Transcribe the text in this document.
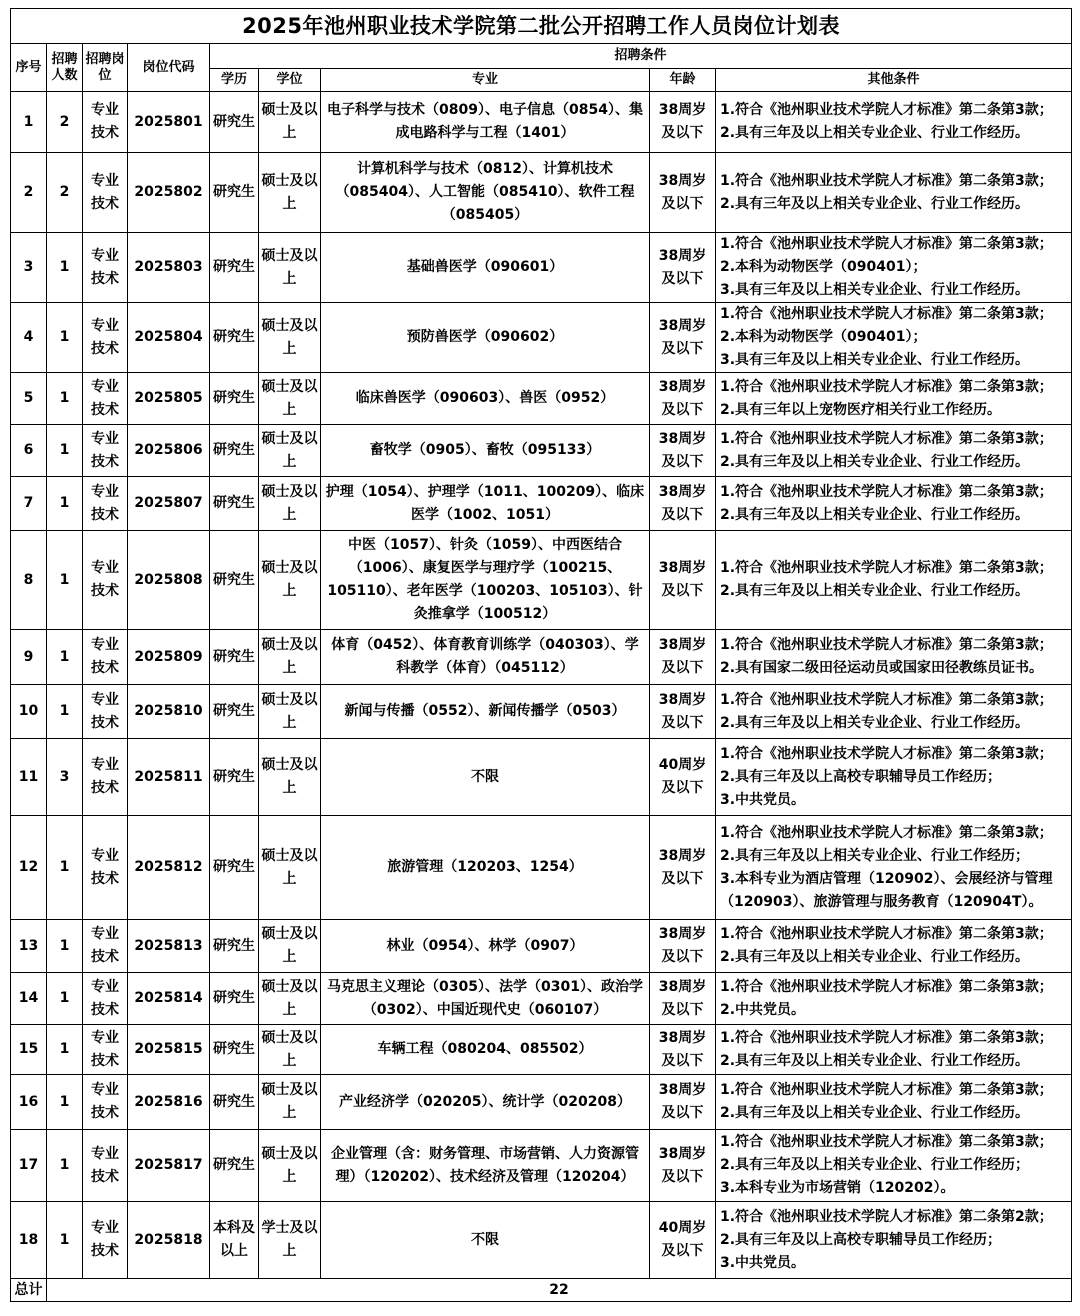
2025年池州职业技术学院第二批公开招聘工作人员岗位计划表								
序号	招聘人数	招聘岗位	岗位代码	招聘条件				
				学历	学位	专业	年龄	其他条件
1	2	专业技术	2025801	研究生	硕士及以上	电子科学与技术（0809）、电子信息（0854）、集成电路科学与工程（1401）	38周岁及以下	1.符合《池州职业技术学院人才标准》第二条第3款；
2.具有三年及以上相关专业企业、行业工作经历。

2	2	专业技术	2025802	研究生	硕士及以上	计算机科学与技术（0812）、计算机技术（085404）、人工智能（085410）、软件工程（085405）	38周岁及以下	1.符合《池州职业技术学院人才标准》第二条第3款；
2.具有三年及以上相关专业企业、行业工作经历。

3	1	专业技术	2025803	研究生	硕士及以上	基础兽医学（090601）	38周岁及以下	1.符合《池州职业技术学院人才标准》第二条第3款；
2.本科为动物医学（090401）；
3.具有三年及以上相关专业企业、行业工作经历。

4	1	专业技术	2025804	研究生	硕士及以上	预防兽医学（090602）	38周岁及以下	1.符合《池州职业技术学院人才标准》第二条第3款；
2.本科为动物医学（090401）；
3.具有三年及以上相关专业企业、行业工作经历。

5	1	专业技术	2025805	研究生	硕士及以上	临床兽医学（090603）、兽医（0952）	38周岁及以下	1.符合《池州职业技术学院人才标准》第二条第3款；
2.具有三年以上宠物医疗相关行业工作经历。

6	1	专业技术	2025806	研究生	硕士及以上	畜牧学（0905）、畜牧（095133）	38周岁及以下	1.符合《池州职业技术学院人才标准》第二条第3款；
2.具有三年及以上相关专业企业、行业工作经历。

7	1	专业技术	2025807	研究生	硕士及以上	护理（1054）、护理学（1011、100209）、临床医学（1002、1051）	38周岁及以下	1.符合《池州职业技术学院人才标准》第二条第3款；
2.具有三年及以上相关专业企业、行业工作经历。

8	1	专业技术	2025808	研究生	硕士及以上	中医（1057）、针灸（1059）、中西医结合（1006）、康复医学与理疗学（100215、105110）、老年医学（100203、105103）、针灸推拿学（100512）	38周岁及以下	1.符合《池州职业技术学院人才标准》第二条第3款；
2.具有三年及以上相关专业企业、行业工作经历。

9	1	专业技术	2025809	研究生	硕士及以上	体育（0452）、体育教育训练学（040303）、学科教学（体育）（045112）	38周岁及以下	1.符合《池州职业技术学院人才标准》第二条第3款；
2.具有国家二级田径运动员或国家田径教练员证书。

10	1	专业技术	2025810	研究生	硕士及以上	新闻与传播（0552）、新闻传播学（0503）	38周岁及以下	1.符合《池州职业技术学院人才标准》第二条第3款；
2.具有三年及以上相关专业企业、行业工作经历。

11	3	专业技术	2025811	研究生	硕士及以上	不限	40周岁及以下	1.符合《池州职业技术学院人才标准》第二条第3款；
2.具有三年及以上高校专职辅导员工作经历；
3.中共党员。

12	1	专业技术	2025812	研究生	硕士及以上	旅游管理（120203、1254）	38周岁及以下	1.符合《池州职业技术学院人才标准》第二条第3款；
2.具有三年及以上相关专业企业、行业工作经历；
3.本科专业为酒店管理（120902）、会展经济与管理（120903）、旅游管理与服务教育（120904T）。

13	1	专业技术	2025813	研究生	硕士及以上	林业（0954）、林学（0907）	38周岁及以下	1.符合《池州职业技术学院人才标准》第二条第3款；
2.具有三年及以上相关专业企业、行业工作经历。

14	1	专业技术	2025814	研究生	硕士及以上	马克思主义理论（0305）、法学（0301）、政治学（0302）、中国近现代史（060107）	38周岁及以下	1.符合《池州职业技术学院人才标准》第二条第3款；
2.中共党员。

15	1	专业技术	2025815	研究生	硕士及以上	车辆工程（080204、085502）	38周岁及以下	1.符合《池州职业技术学院人才标准》第二条第3款；
2.具有三年及以上相关专业企业、行业工作经历。

16	1	专业技术	2025816	研究生	硕士及以上	产业经济学（020205）、统计学（020208）	38周岁及以下	1.符合《池州职业技术学院人才标准》第二条第3款；
2.具有三年及以上相关专业企业、行业工作经历。

17	1	专业技术	2025817	研究生	硕士及以上	企业管理（含：财务管理、市场营销、人力资源管理）（120202）、技术经济及管理（120204）	38周岁及以下	1.符合《池州职业技术学院人才标准》第二条第3款；
2.具有三年及以上相关专业企业、行业工作经历；
3.本科专业为市场营销（120202）。

18	1	专业技术	2025818	本科及以上	学士及以上	不限	40周岁及以下	1.符合《池州职业技术学院人才标准》第二条第2款；
2.具有三年及以上高校专职辅导员工作经历；
3.中共党员。

总计	22							
